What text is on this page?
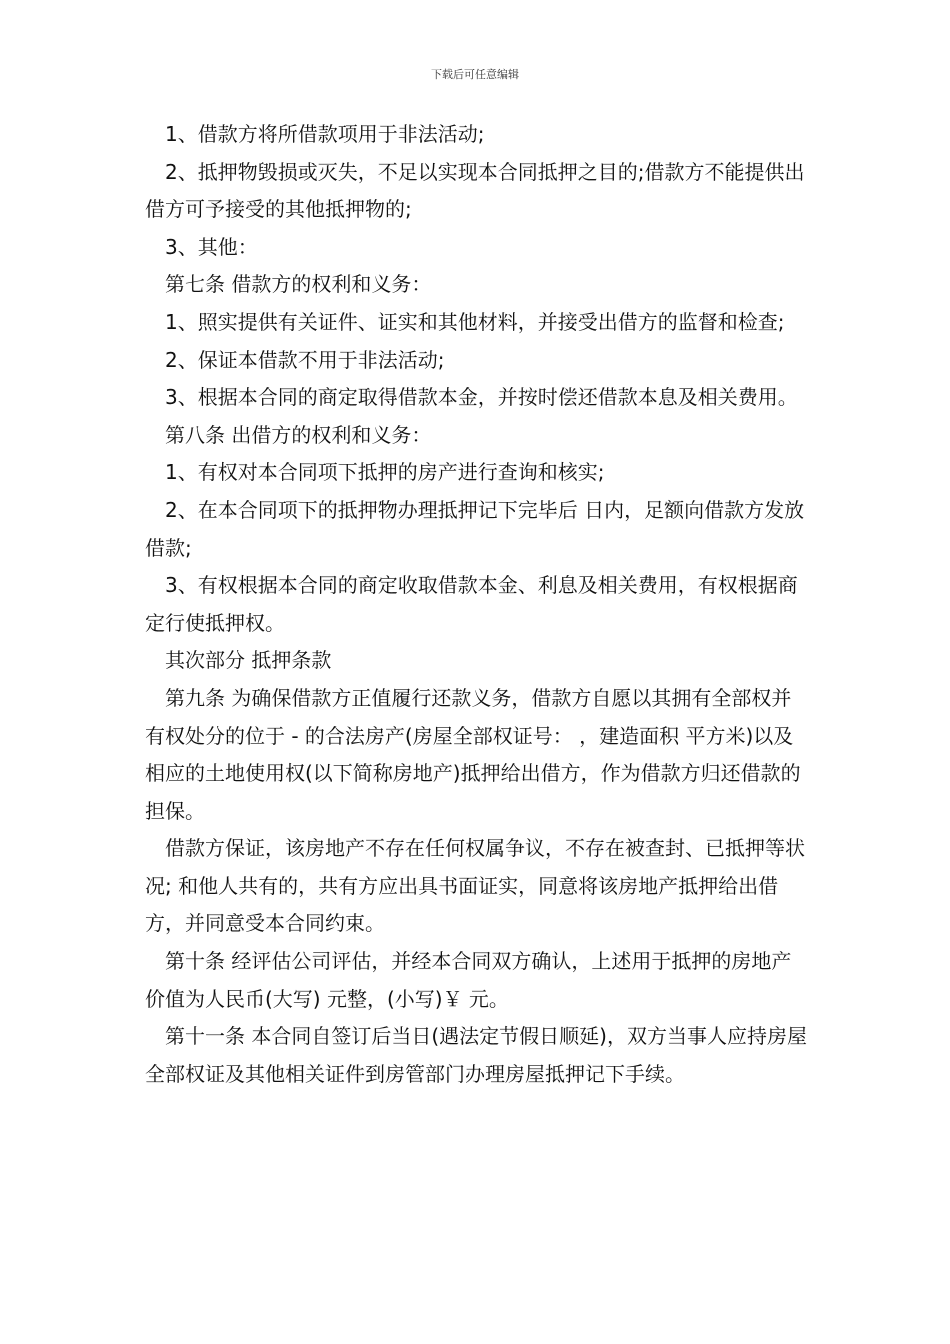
下载后可任意编辑

1、借款方将所借款项用于非法活动;

2、抵押物毁损或灭失，不足以实现本合同抵押之目的;借款方不能提供出借方可予接受的其他抵押物的;

3、其他：

第七条 借款方的权利和义务：

1、照实提供有关证件、证实和其他材料，并接受出借方的监督和检查;

2、保证本借款不用于非法活动;

3、根据本合同的商定取得借款本金，并按时偿还借款本息及相关费用。

第八条 出借方的权利和义务：

1、有权对本合同项下抵押的房产进行查询和核实;

2、在本合同项下的抵押物办理抵押记下完毕后 日内，足额向借款方发放借款;

3、有权根据本合同的商定收取借款本金、利息及相关费用，有权根据商定行使抵押权。

其次部分 抵押条款

第九条 为确保借款方正值履行还款义务，借款方自愿以其拥有全部权并有权处分的位于 - 的合法房产(房屋全部权证号： ，建造面积 平方米)以及相应的土地使用权(以下简称房地产)抵押给出借方，作为借款方归还借款的担保。

借款方保证，该房地产不存在任何权属争议，不存在被查封、已抵押等状况; 和他人共有的，共有方应出具书面证实，同意将该房地产抵押给出借方，并同意受本合同约束。

第十条 经评估公司评估，并经本合同双方确认，上述用于抵押的房地产价值为人民币(大写) 元整，(小写)￥ 元。

第十一条 本合同自签订后当日(遇法定节假日顺延)，双方当事人应持房屋全部权证及其他相关证件到房管部门办理房屋抵押记下手续。
